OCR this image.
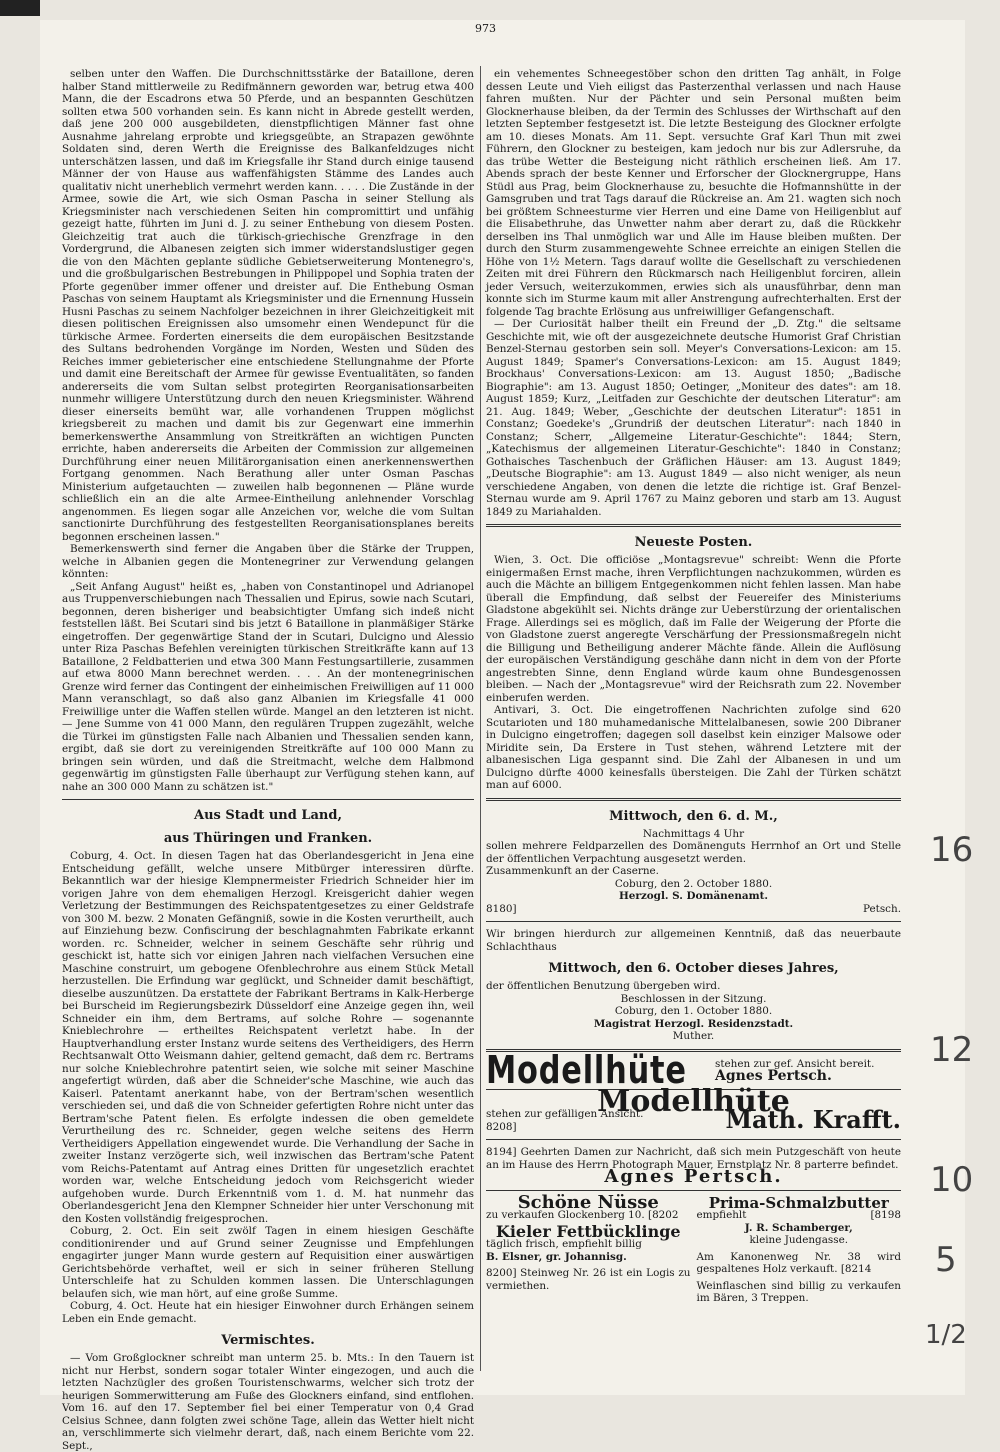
973

selben unter den Waffen. Die Durchschnittsstärke der Bataillone, deren halber Stand mittlerweile zu Redifmännern geworden war, betrug etwa 400 Mann, die der Escadrons etwa 50 Pferde, und an bespannten Geschützen sollten etwa 500 vorhanden sein. Es kann nicht in Abrede gestellt werden, daß jene 200 000 ausgebildeten, dienstpflichtigen Männer fast ohne Ausnahme jahrelang erprobte und kriegsgeübte, an Strapazen gewöhnte Soldaten sind, deren Werth die Ereignisse des Balkanfeldzuges nicht unterschätzen lassen, und daß im Kriegsfalle ihr Stand durch einige tausend Männer der von Hause aus waffenfähigsten Stämme des Landes auch qualitativ nicht unerheblich vermehrt werden kann. . . . . Die Zustände in der Armee, sowie die Art, wie sich Osman Pascha in seiner Stellung als Kriegsminister nach verschiedenen Seiten hin compromittirt und unfähig gezeigt hatte, führten im Juni d. J. zu seiner Enthebung von diesem Posten. Gleichzeitig trat auch die türkisch-griechische Grenzfrage in den Vordergrund, die Albanesen zeigten sich immer widerstandslustiger gegen die von den Mächten geplante südliche Gebietserweiterung Montenegro's, und die großbulgarischen Bestrebungen in Philippopel und Sophia traten der Pforte gegenüber immer offener und dreister auf. Die Enthebung Osman Paschas von seinem Hauptamt als Kriegsminister und die Ernennung Hussein Husni Paschas zu seinem Nachfolger bezeichnen in ihrer Gleichzeitigkeit mit diesen politischen Ereignissen also umsomehr einen Wendepunct für die türkische Armee. Forderten einerseits die dem europäischen Besitzstande des Sultans bedrohenden Vorgänge im Norden, Westen und Süden des Reiches immer gebieterischer eine entschiedene Stellungnahme der Pforte und damit eine Bereitschaft der Armee für gewisse Eventualitäten, so fanden andererseits die vom Sultan selbst protegirten Reorganisationsarbeiten nunmehr willigere Unterstützung durch den neuen Kriegsminister. Während dieser einerseits bemüht war, alle vorhandenen Truppen möglichst kriegsbereit zu machen und damit bis zur Gegenwart eine immerhin bemerkenswerthe Ansammlung von Streitkräften an wichtigen Puncten errichte, haben andererseits die Arbeiten der Commission zur allgemeinen Durchführung einer neuen Militärorganisation einen anerkennenswerthen Fortgang genommen. Nach Berathung aller unter Osman Paschas Ministerium aufgetauchten — zuweilen halb begonnenen — Pläne wurde schließlich ein an die alte Armee-Eintheilung anlehnender Vorschlag angenommen. Es liegen sogar alle Anzeichen vor, welche die vom Sultan sanctionirte Durchführung des festgestellten Reorganisationsplanes bereits begonnen erscheinen lassen."

Bemerkenswerth sind ferner die Angaben über die Stärke der Truppen, welche in Albanien gegen die Montenegriner zur Verwendung gelangen könnten:

„Seit Anfang August" heißt es, „haben von Constantinopel und Adrianopel aus Truppenverschiebungen nach Thessalien und Epirus, sowie nach Scutari, begonnen, deren bisheriger und beabsichtigter Umfang sich indeß nicht feststellen läßt. Bei Scutari sind bis jetzt 6 Bataillone in planmäßiger Stärke eingetroffen. Der gegenwärtige Stand der in Scutari, Dulcigno und Alessio unter Riza Paschas Befehlen vereinigten türkischen Streitkräfte kann auf 13 Bataillone, 2 Feldbatterien und etwa 300 Mann Festungsartillerie, zusammen auf etwa 8000 Mann berechnet werden. . . . An der montenegrinischen Grenze wird ferner das Contingent der einheimischen Freiwilligen auf 11 000 Mann veranschlagt, so daß also ganz Albanien im Kriegsfalle 41 000 Freiwillige unter die Waffen stellen würde. Mangel an den letzteren ist nicht. — Jene Summe von 41 000 Mann, den regulären Truppen zugezählt, welche die Türkei im günstigsten Falle nach Albanien und Thessalien senden kann, ergibt, daß sie dort zu vereinigenden Streitkräfte auf 100 000 Mann zu bringen sein würden, und daß die Streitmacht, welche dem Halbmond gegenwärtig im günstigsten Falle überhaupt zur Verfügung stehen kann, auf nahe an 300 000 Mann zu schätzen ist."

Aus Stadt und Land,
aus Thüringen und Franken.

Coburg, 4. Oct. In diesen Tagen hat das Oberlandesgericht in Jena eine Entscheidung gefällt, welche unsere Mitbürger interessiren dürfte. Bekanntlich war der hiesige Klempnermeister Friedrich Schneider hier im vorigen Jahre von dem ehemaligen Herzogl. Kreisgericht dahier wegen Verletzung der Bestimmungen des Reichspatentgesetzes zu einer Geldstrafe von 300 M. bezw. 2 Monaten Gefängniß, sowie in die Kosten verurtheilt, auch auf Einziehung bezw. Confiscirung der beschlagnahmten Fabrikate erkannt worden. rc. Schneider, welcher in seinem Geschäfte sehr rührig und geschickt ist, hatte sich vor einigen Jahren nach vielfachen Versuchen eine Maschine construirt, um gebogene Ofenblechrohre aus einem Stück Metall herzustellen. Die Erfindung war geglückt, und Schneider damit beschäftigt, dieselbe auszunützen. Da erstattete der Fabrikant Bertrams in Kalk-Herberge bei Burscheid im Regierungsbezirk Düsseldorf eine Anzeige gegen ihn, weil Schneider ein ihm, dem Bertrams, auf solche Rohre — sogenannte Knieblechrohre — ertheiltes Reichspatent verletzt habe. In der Hauptverhandlung erster Instanz wurde seitens des Vertheidigers, des Herrn Rechtsanwalt Otto Weismann dahier, geltend gemacht, daß dem rc. Bertrams nur solche Knieblechrohre patentirt seien, wie solche mit seiner Maschine angefertigt würden, daß aber die Schneider'sche Maschine, wie auch das Kaiserl. Patentamt anerkannt habe, von der Bertram'schen wesentlich verschieden sei, und daß die von Schneider gefertigten Rohre nicht unter das Bertram'sche Patent fielen. Es erfolgte indessen die oben gemeldete Verurtheilung des rc. Schneider, gegen welche seitens des Herrn Vertheidigers Appellation eingewendet wurde. Die Verhandlung der Sache in zweiter Instanz verzögerte sich, weil inzwischen das Bertram'sche Patent vom Reichs-Patentamt auf Antrag eines Dritten für ungesetzlich erachtet worden war, welche Entscheidung jedoch vom Reichsgericht wieder aufgehoben wurde. Durch Erkenntniß vom 1. d. M. hat nunmehr das Oberlandesgericht Jena den Klempner Schneider hier unter Verschonung mit den Kosten vollständig freigesprochen.

Coburg, 2. Oct. Ein seit zwölf Tagen in einem hiesigen Geschäfte conditionirender und auf Grund seiner Zeugnisse und Empfehlungen engagirter junger Mann wurde gestern auf Requisition einer auswärtigen Gerichtsbehörde verhaftet, weil er sich in seiner früheren Stellung Unterschleife hat zu Schulden kommen lassen. Die Unterschlagungen belaufen sich, wie man hört, auf eine große Summe.

Coburg, 4. Oct. Heute hat ein hiesiger Einwohner durch Erhängen seinem Leben ein Ende gemacht.

Vermischtes.

— Vom Großglockner schreibt man unterm 25. b. Mts.: In den Tauern ist nicht nur Herbst, sondern sogar totaler Winter eingezogen, und auch die letzten Nachzügler des großen Touristenschwarms, welcher sich trotz der heurigen Sommerwitterung am Fuße des Glockners einfand, sind entflohen. Vom 16. auf den 17. September fiel bei einer Temperatur von 0,4 Grad Celsius Schnee, dann folgten zwei schöne Tage, allein das Wetter hielt nicht an, verschlimmerte sich vielmehr derart, daß, nach einem Berichte vom 22. Sept.,

ein vehementes Schneegestöber schon den dritten Tag anhält, in Folge dessen Leute und Vieh eiligst das Pasterzenthal verlassen und nach Hause fahren mußten. Nur der Pächter und sein Personal mußten beim Glocknerhause bleiben, da der Termin des Schlusses der Wirthschaft auf den letzten September festgesetzt ist. Die letzte Besteigung des Glockner erfolgte am 10. dieses Monats. Am 11. Sept. versuchte Graf Karl Thun mit zwei Führern, den Glockner zu besteigen, kam jedoch nur bis zur Adlersruhe, da das trübe Wetter die Besteigung nicht räthlich erscheinen ließ. Am 17. Abends sprach der beste Kenner und Erforscher der Glocknergruppe, Hans Stüdl aus Prag, beim Glocknerhause zu, besuchte die Hofmannshütte in der Gamsgruben und trat Tags darauf die Rückreise an. Am 21. wagten sich noch bei größtem Schneesturme vier Herren und eine Dame von Heiligenblut auf die Elisabethruhe, das Unwetter nahm aber derart zu, daß die Rückkehr derselben ins Thal unmöglich war und Alle im Hause bleiben mußten. Der durch den Sturm zusammengewehte Schnee erreichte an einigen Stellen die Höhe von 1½ Metern. Tags darauf wollte die Gesellschaft zu verschiedenen Zeiten mit drei Führern den Rückmarsch nach Heiligenblut forciren, allein jeder Versuch, weiterzukommen, erwies sich als unausführbar, denn man konnte sich im Sturme kaum mit aller Anstrengung aufrechterhalten. Erst der folgende Tag brachte Erlösung aus unfreiwilliger Gefangenschaft.

— Der Curiosität halber theilt ein Freund der „D. Ztg." die seltsame Geschichte mit, wie oft der ausgezeichnete deutsche Humorist Graf Christian Benzel-Sternau gestorben sein soll. Meyer's Conversations-Lexicon: am 15. August 1849; Spamer's Conversations-Lexicon: am 15. August 1849; Brockhaus' Conversations-Lexicon: am 13. August 1850; „Badische Biographie": am 13. August 1850; Oetinger, „Moniteur des dates": am 18. August 1859; Kurz, „Leitfaden zur Geschichte der deutschen Literatur": am 21. Aug. 1849; Weber, „Geschichte der deutschen Literatur": 1851 in Constanz; Goedeke's „Grundriß der deutschen Literatur": nach 1840 in Constanz; Scherr, „Allgemeine Literatur-Geschichte": 1844; Stern, „Katechismus der allgemeinen Literatur-Geschichte": 1840 in Constanz; Gothaisches Taschenbuch der Gräflichen Häuser: am 13. August 1849; „Deutsche Biographie": am 13. August 1849 — also nicht weniger, als neun verschiedene Angaben, von denen die letzte die richtige ist. Graf Benzel-Sternau wurde am 9. April 1767 zu Mainz geboren und starb am 13. August 1849 zu Mariahalden.

Neueste Posten.

Wien, 3. Oct. Die officiöse „Montagsrevue" schreibt: Wenn die Pforte einigermaßen Ernst mache, ihren Verpflichtungen nachzukommen, würden es auch die Mächte an billigem Entgegenkommen nicht fehlen lassen. Man habe überall die Empfindung, daß selbst der Feuereifer des Ministeriums Gladstone abgekühlt sei. Nichts dränge zur Ueberstürzung der orientalischen Frage. Allerdings sei es möglich, daß im Falle der Weigerung der Pforte die von Gladstone zuerst angeregte Verschärfung der Pressionsmaßregeln nicht die Billigung und Betheiligung anderer Mächte fände. Allein die Auflösung der europäischen Verständigung geschähe dann nicht in dem von der Pforte angestrebten Sinne, denn England würde kaum ohne Bundesgenossen bleiben. — Nach der „Montagsrevue" wird der Reichsrath zum 22. November einberufen werden.

Antivari, 3. Oct. Die eingetroffenen Nachrichten zufolge sind 620 Scutarioten und 180 muhamedanische Mittelalbanesen, sowie 200 Dibraner in Dulcigno eingetroffen; dagegen soll daselbst kein einziger Malsowe oder Miridite sein, Da Erstere in Tust stehen, während Letztere mit der albanesischen Liga gespannt sind. Die Zahl der Albanesen in und um Dulcigno dürfte 4000 keinesfalls übersteigen. Die Zahl der Türken schätzt man auf 6000.

Mittwoch, den 6. d. M.,
Nachmittags 4 Uhr
sollen mehrere Feldparzellen des Domänenguts Herrnhof an Ort und Stelle der öffentlichen Verpachtung ausgesetzt werden.
Zusammenkunft an der Caserne.
Coburg, den 2. October 1880.
Herzogl. S. Domänenamt.
8180]	Petsch.
Wir bringen hierdurch zur allgemeinen Kenntniß, daß das neuerbaute Schlachthaus
Mittwoch, den 6. October dieses Jahres,
der öffentlichen Benutzung übergeben wird.
Beschlossen in der Sitzung.
Coburg, den 1. October 1880.
Magistrat Herzogl. Residenzstadt.
Muther.
Modellhüte	stehen zur gef. Ansicht bereit.
Agnes Pertsch.
Modellhüte
stehen zur gefälligen Ansicht.
8208]	Math. Krafft.
8194] Geehrten Damen zur Nachricht, daß sich mein Putzgeschäft von heute an im Hause des Herrn Photograph Mauer, Ernstplatz Nr. 8 parterre befindet.
Agnes Pertsch.
Schöne Nüsse
zu verkaufen Glockenberg 10. [8202
Kieler Fettbücklinge
täglich frisch, empfiehlt billig
B. Elsner, gr. Johannisg.
8200] Steinweg Nr. 26 ist ein Logis zu vermiethen.
Prima-Schmalzbutter
empfiehlt	[8198
J. R. Schamberger,
kleine Judengasse.
Am Kanonenweg Nr. 38 wird gespaltenes Holz verkauft. [8214
Weinflaschen sind billig zu verkaufen im Bären, 3 Treppen.
16
12
10
5
1/2
